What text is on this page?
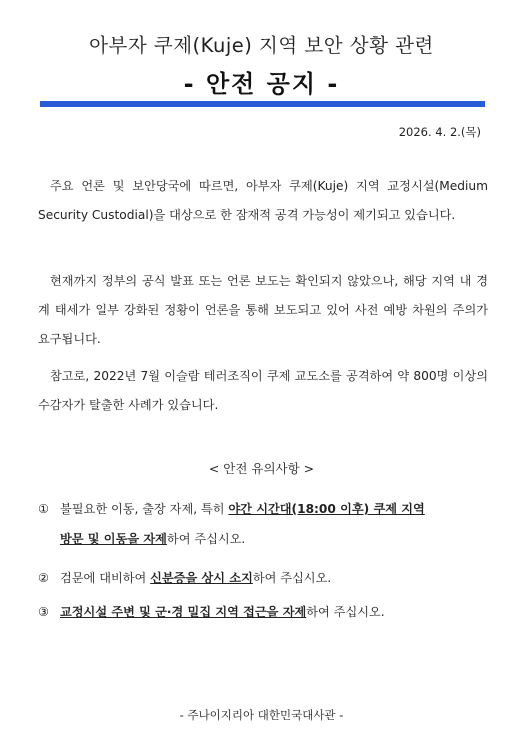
아부자 쿠제(Kuje) 지역 보안 상황 관련
- 안전 공지 -
2026. 4. 2.(목)
주요 언론 및 보안당국에 따르면, 아부자 쿠제(Kuje) 지역 교정시설(Medium Security Custodial)을 대상으로 한 잠재적 공격 가능성이 제기되고 있습니다.
현재까지 정부의 공식 발표 또는 언론 보도는 확인되지 않았으나, 해당 지역 내 경계 태세가 일부 강화된 정황이 언론을 통해 보도되고 있어 사전 예방 차원의 주의가 요구됩니다.
참고로, 2022년 7월 이슬람 테러조직이 쿠제 교도소를 공격하여 약 800명 이상의 수감자가 탈출한 사례가 있습니다.
< 안전 유의사항 >
① 불필요한 이동, 출장 자제, 특히 야간 시간대(18:00 이후) 쿠제 지역
방문 및 이동을 자제하여 주십시오.
② 검문에 대비하여 신분증을 상시 소지하여 주십시오.
③ 교정시설 주변 및 군·경 밀집 지역 접근을 자제하여 주십시오.
- 주나이지리아 대한민국대사관 -
